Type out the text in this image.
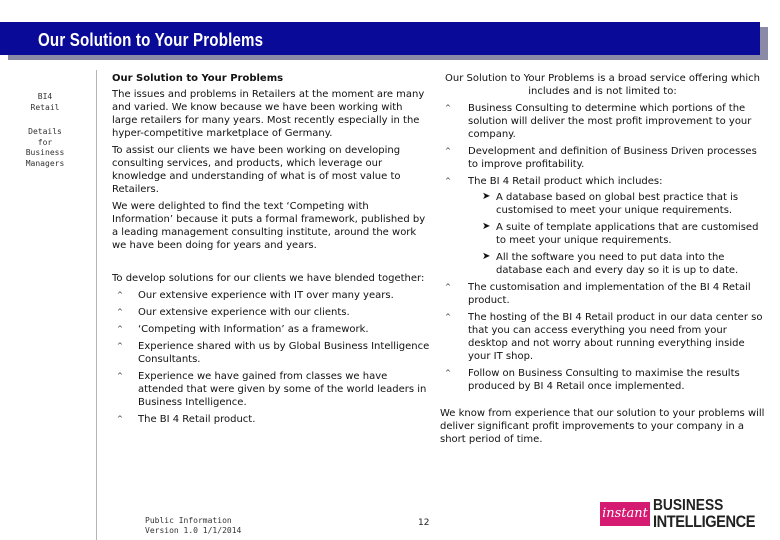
Our Solution to Your Problems
BI4
Retail
Details
for
Business
Managers

Our Solution to Your Problems

The issues and problems in Retailers at the moment are many and varied. We know because we have been working with large retailers for many years. Most recently especially in the hyper-competitive marketplace of Germany.

To assist our clients we have been working on developing consulting services, and products, which leverage our knowledge and understanding of what is of most value to Retailers.

We were delighted to find the text ‘Competing with Information’ because it puts a formal framework, published by a leading management consulting institute, around the work we have been doing for years and years.

To develop solutions for our clients we have blended together:

^ Our extensive experience with IT over many years.
^ Our extensive experience with our clients.
^ ‘Competing with Information’ as a framework.
^ Experience shared with us by Global Business Intelligence Consultants.
^ Experience we have gained from classes we have attended that were given by some of the world leaders in Business Intelligence.
^ The BI 4 Retail product.

Our Solution to Your Problems is a broad service offering which includes and is not limited to:

^ Business Consulting to determine which portions of the solution will deliver the most profit improvement to your company.
^ Development and definition of Business Driven processes to improve profitability.
^ The BI 4 Retail product which includes:
➤ A database based on global best practice that is customised to meet your unique requirements.
➤ A suite of template applications that are customised to meet your unique requirements.
➤ All the software you need to put data into the database each and every day so it is up to date.
^ The customisation and implementation of the BI 4 Retail product.
^ The hosting of the BI 4 Retail product in our data center so that you can access everything you need from your desktop and not worry about running everything inside your IT shop.
^ Follow on Business Consulting to maximise the results produced by BI 4 Retail once implemented.

We know from experience that our solution to your problems will deliver significant profit improvements to your company in a short period of time.

Public Information
Version 1.0 1/1/2014
12
instant BUSINESS
INTELLIGENCE
